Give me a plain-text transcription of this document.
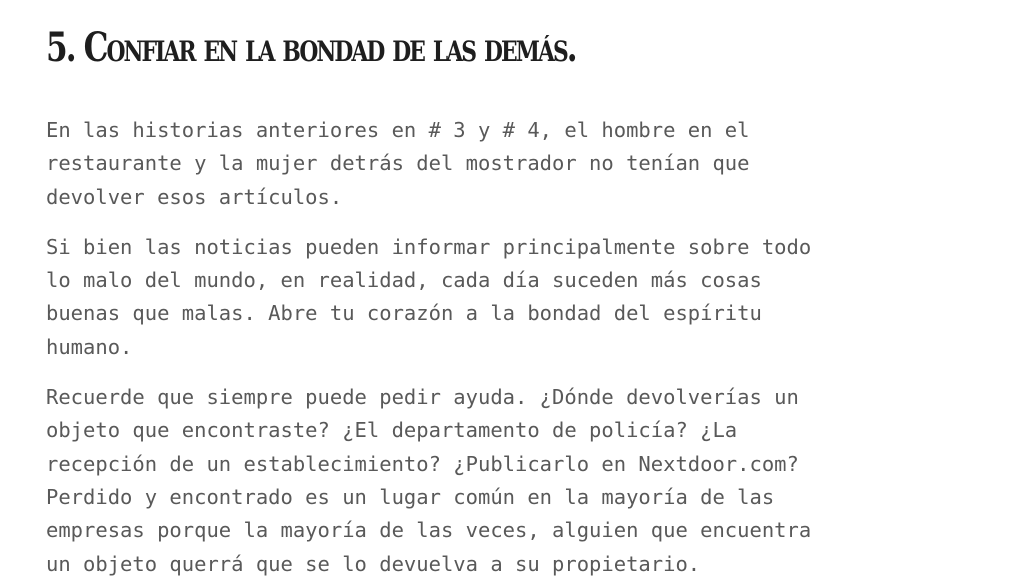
5. Confiar en la bondad de las demás.

En las historias anteriores en # 3 y # 4, el hombre en el
restaurante y la mujer detrás del mostrador no tenían que
devolver esos artículos.

Si bien las noticias pueden informar principalmente sobre todo
lo malo del mundo, en realidad, cada día suceden más cosas
buenas que malas. Abre tu corazón a la bondad del espíritu
humano.

Recuerde que siempre puede pedir ayuda. ¿Dónde devolverías un
objeto que encontraste? ¿El departamento de policía? ¿La
recepción de un establecimiento? ¿Publicarlo en Nextdoor.com?
Perdido y encontrado es un lugar común en la mayoría de las
empresas porque la mayoría de las veces, alguien que encuentra
un objeto querrá que se lo devuelva a su propietario.
